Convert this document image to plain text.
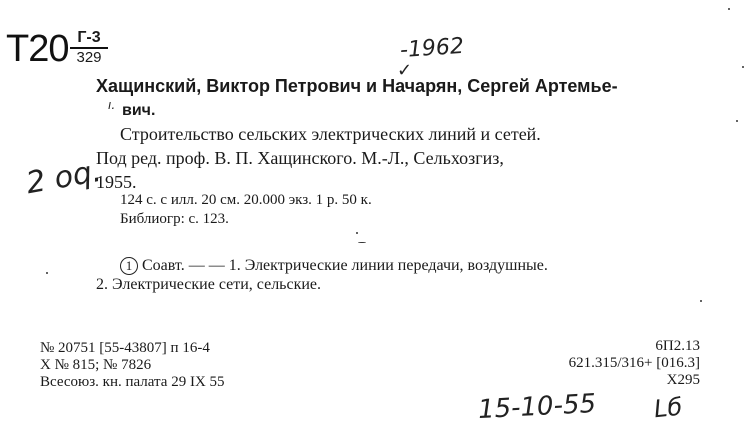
T20 Г-3
329	-1962
✓
ı.
2 оq.
Хащинский, Виктор Петрович и Начарян, Сергей Артемье-
вич.
Строительство сельских электрических линий и сетей.
Под ред. проф. В. П. Хащинского. М.-Л., Сельхозгиз,
1955.
124 с. с илл. 20 см. 20.000 экз. 1 р. 50 к.
Библиогр: с. 123.
1 Соавт. — — 1. Электрические линии передачи, воздушные.
2. Электрические сети, сельские.
№ 20751 [55-43807] п 16-4
X № 815; № 7826
Всесоюз. кн. палата 29 IX 55
6П2.13
621.315/316+ [016.3]
X295
15-10-55 Lб
